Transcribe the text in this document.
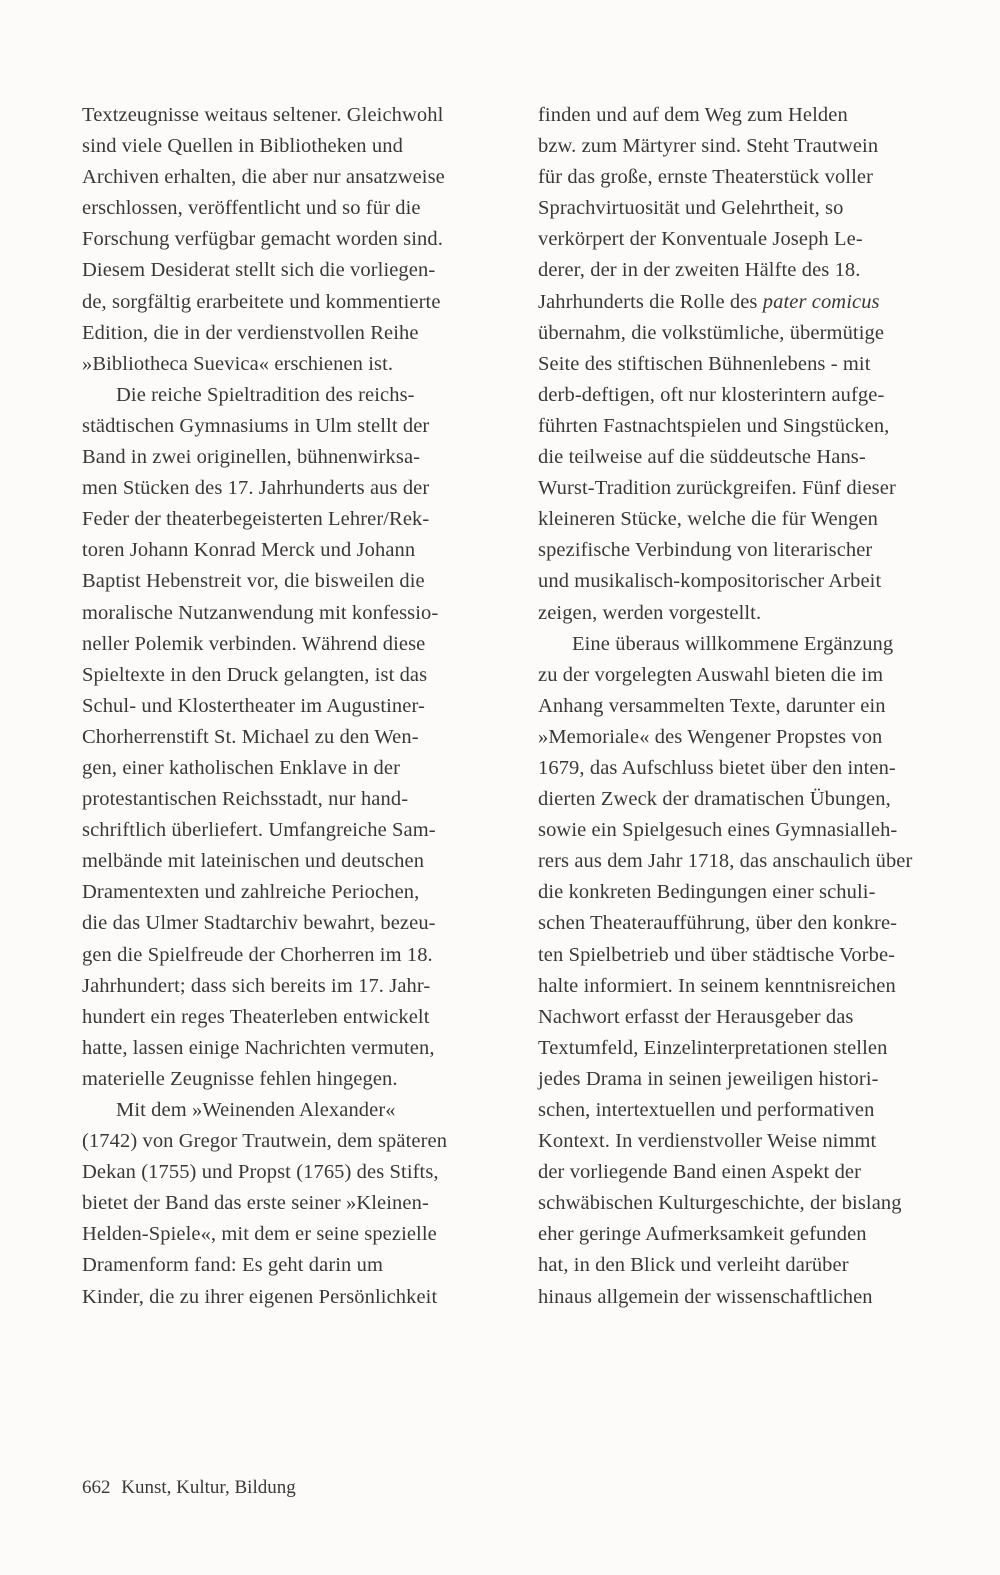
Textzeugnisse weitaus seltener. Gleichwohl
sind viele Quellen in Bibliotheken und
Archiven erhalten, die aber nur ansatzweise
erschlossen, veröffentlicht und so für die
Forschung verfügbar gemacht worden sind.
Diesem Desiderat stellt sich die vorliegen-
de, sorgfältig erarbeitete und kommentierte
Edition, die in der verdienstvollen Reihe
»Bibliotheca Suevica« erschienen ist.
Die reiche Spieltradition des reichs-
städtischen Gymnasiums in Ulm stellt der
Band in zwei originellen, bühnenwirksa-
men Stücken des 17. Jahrhunderts aus der
Feder der theaterbegeisterten Lehrer/Rek-
toren Johann Konrad Merck und Johann
Baptist Hebenstreit vor, die bisweilen die
moralische Nutzanwendung mit konfessio-
neller Polemik verbinden. Während diese
Spieltexte in den Druck gelangten, ist das
Schul- und Klostertheater im Augustiner-
Chorherrenstift St. Michael zu den Wen-
gen, einer katholischen Enklave in der
protestantischen Reichsstadt, nur hand-
schriftlich überliefert. Umfangreiche Sam-
melbände mit lateinischen und deutschen
Dramentexten und zahlreiche Periochen,
die das Ulmer Stadtarchiv bewahrt, bezeu-
gen die Spielfreude der Chorherren im 18.
Jahrhundert; dass sich bereits im 17. Jahr-
hundert ein reges Theaterleben entwickelt
hatte, lassen einige Nachrichten vermuten,
materielle Zeugnisse fehlen hingegen.
Mit dem »Weinenden Alexander«
(1742) von Gregor Trautwein, dem späteren
Dekan (1755) und Propst (1765) des Stifts,
bietet der Band das erste seiner »Kleinen-
Helden-Spiele«, mit dem er seine spezielle
Dramenform fand: Es geht darin um
Kinder, die zu ihrer eigenen Persönlichkeit
finden und auf dem Weg zum Helden
bzw. zum Märtyrer sind. Steht Trautwein
für das große, ernste Theaterstück voller
Sprachvirtuosität und Gelehrtheit, so
verkörpert der Konventuale Joseph Le-
derer, der in der zweiten Hälfte des 18.
Jahrhunderts die Rolle des pater comicus
übernahm, die volkstümliche, übermütige
Seite des stiftischen Bühnenlebens - mit
derb-deftigen, oft nur klosterintern aufge-
führten Fastnachtspielen und Singstücken,
die teilweise auf die süddeutsche Hans-
Wurst-Tradition zurückgreifen. Fünf dieser
kleineren Stücke, welche die für Wengen
spezifische Verbindung von literarischer
und musikalisch-kompositorischer Arbeit
zeigen, werden vorgestellt.
Eine überaus willkommene Ergänzung
zu der vorgelegten Auswahl bieten die im
Anhang versammelten Texte, darunter ein
»Memoriale« des Wengener Propstes von
1679, das Aufschluss bietet über den inten-
dierten Zweck der dramatischen Übungen,
sowie ein Spielgesuch eines Gymnasiallеh-
rers aus dem Jahr 1718, das anschaulich über
die konkreten Bedingungen einer schuli-
schen Theateraufführung, über den konkre-
ten Spielbetrieb und über städtische Vorbe-
halte informiert. In seinem kenntnisreichen
Nachwort erfasst der Herausgeber das
Textumfeld, Einzelinterpretationen stellen
jedes Drama in seinen jeweiligen histori-
schen, intertextuellen und performativen
Kontext. In verdienstvoller Weise nimmt
der vorliegende Band einen Aspekt der
schwäbischen Kulturgeschichte, der bislang
eher geringe Aufmerksamkeit gefunden
hat, in den Blick und verleiht darüber
hinaus allgemein der wissenschaftlichen
662 Kunst, Kultur, Bildung
